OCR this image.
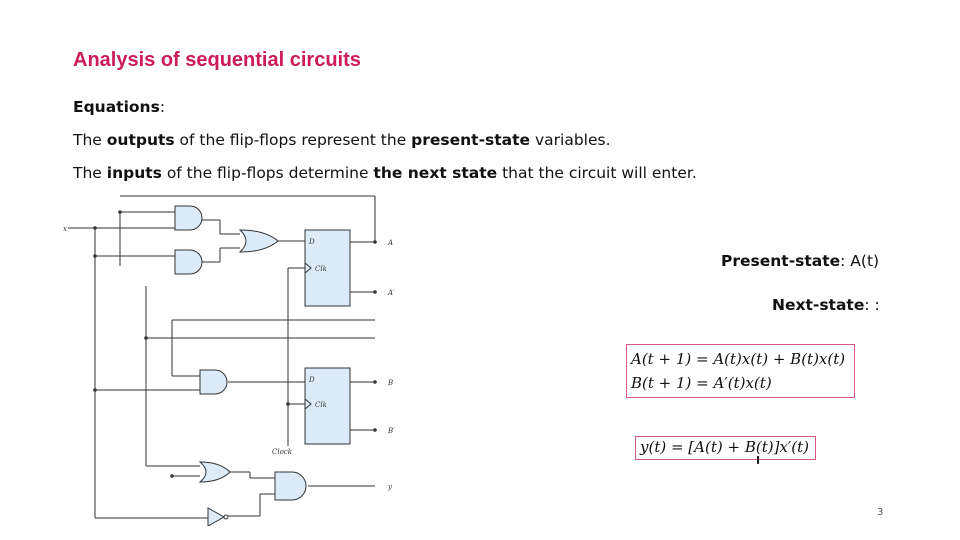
Analysis of sequential circuits
Equations:
The outputs of the flip-flops represent the present-state variables.
The inputs of the flip-flops determine the next state that the circuit will enter.
x
D
Clk
A
A′
D
Clk
B
B′
Clock
y
Present-state: A(t)
Next-state: :
A(t + 1) = A(t)x(t) + B(t)x(t)
B(t + 1) = A′(t)x(t)
y(t) = [A(t) + B(t)]x′(t)
3
